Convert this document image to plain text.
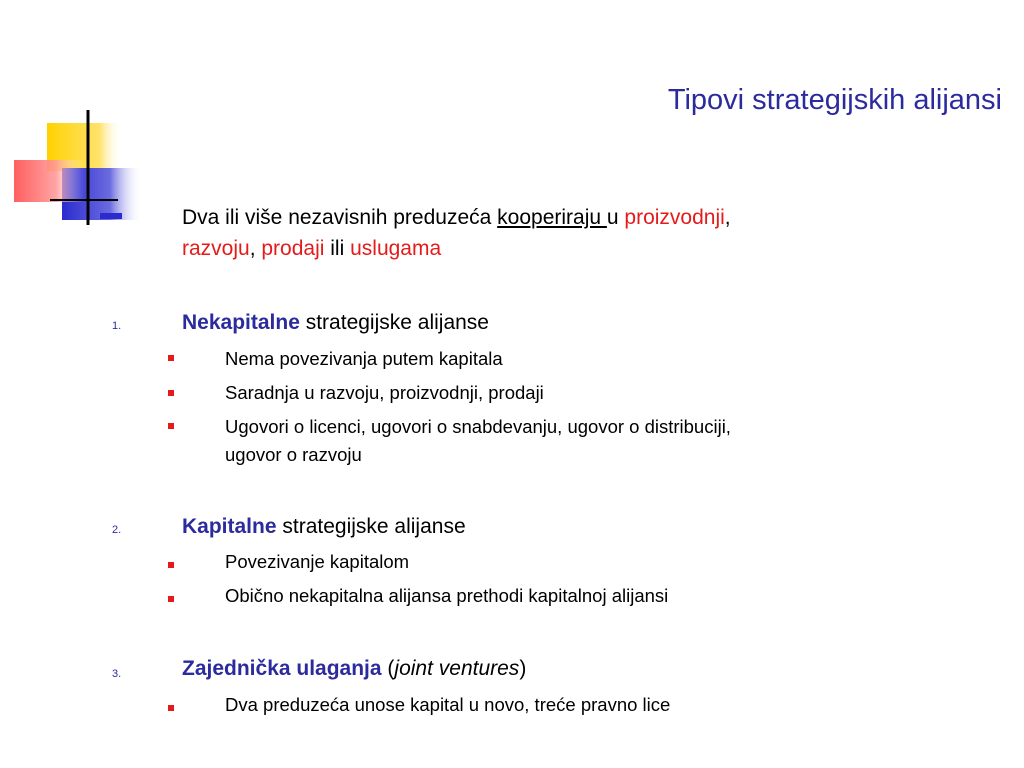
Tipovi strategijskih alijansi
Dva ili više nezavisnih preduzeća kooperiraju u proizvodnji,
razvoju, prodaji ili uslugama
1.	Nekapitalne strategijske alijanse
Nema povezivanja putem kapitala
Saradnja u razvoju, proizvodnji, prodaji
Ugovori o licenci, ugovori o snabdevanju, ugovor o distribuciji,
ugovor o razvoju
2.	Kapitalne strategijske alijanse
Povezivanje kapitalom
Obično nekapitalna alijansa prethodi kapitalnoj alijansi
3.	Zajednička ulaganja (joint ventures)
Dva preduzeća unose kapital u novo, treće pravno lice
